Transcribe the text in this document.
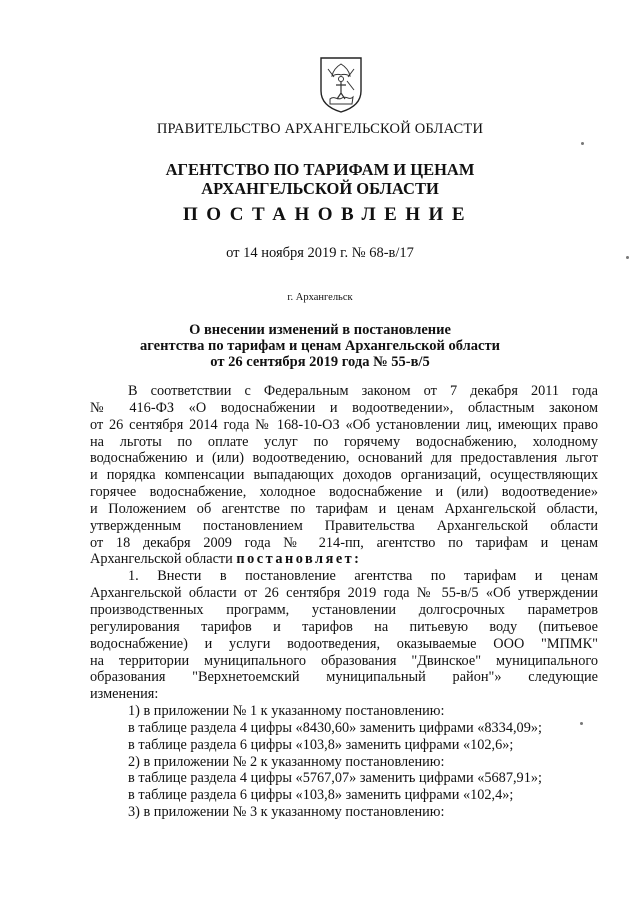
ПРАВИТЕЛЬСТВО АРХАНГЕЛЬСКОЙ ОБЛАСТИ
АГЕНТСТВО ПО ТАРИФАМ И ЦЕНАМ
АРХАНГЕЛЬСКОЙ ОБЛАСТИ
ПОСТАНОВЛЕНИЕ
от 14 ноября 2019 г. № 68-в/17
г. Архангельск
О внесении изменений в постановление
агентства по тарифам и ценам Архангельской области
от 26 сентября 2019 года № 55-в/5
В соответствии с Федеральным законом от 7 декабря 2011 года
№ 416-ФЗ «О водоснабжении и водоотведении», областным законом
от 26 сентября 2014 года № 168-10-ОЗ «Об установлении лиц, имеющих право
на льготы по оплате услуг по горячему водоснабжению, холодному
водоснабжению и (или) водоотведению, оснований для предоставления льгот
и порядка компенсации выпадающих доходов организаций, осуществляющих
горячее водоснабжение, холодное водоснабжение и (или) водоотведение»
и Положением об агентстве по тарифам и ценам Архангельской области,
утвержденным постановлением Правительства Архангельской области
от 18 декабря 2009 года № 214-пп, агентство по тарифам и ценам
Архангельской области постановляет:
1. Внести в постановление агентства по тарифам и ценам
Архангельской области от 26 сентября 2019 года № 55-в/5 «Об утверждении
производственных программ, установлении долгосрочных параметров
регулирования тарифов и тарифов на питьевую воду (питьевое
водоснабжение) и услуги водоотведения, оказываемые ООО "МПМК"
на территории муниципального образования "Двинское" муниципального
образования "Верхнетоемский муниципальный район"» следующие
изменения:
1) в приложении № 1 к указанному постановлению:
в таблице раздела 4 цифры «8430,60» заменить цифрами «8334,09»;
в таблице раздела 6 цифры «103,8» заменить цифрами «102,6»;
2) в приложении № 2 к указанному постановлению:
в таблице раздела 4 цифры «5767,07» заменить цифрами «5687,91»;
в таблице раздела 6 цифры «103,8» заменить цифрами «102,4»;
3) в приложении № 3 к указанному постановлению:
